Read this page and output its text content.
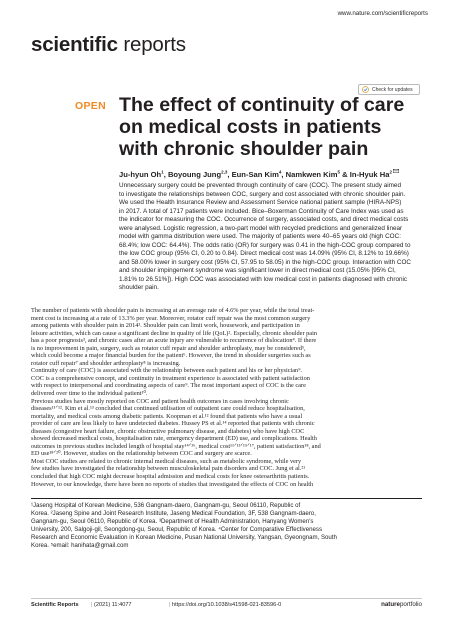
www.nature.com/scientificreports
scientific reports
Check for updates
OPEN The effect of continuity of care
on medical costs in patients
with chronic shoulder pain
Ju-hyun Oh$^1$, Boyoung Jung$^{2,3}$, Eun-San Kim$^4$, Namkwen Kim$^5$ & In-Hyuk Ha$^2$
Unnecessary surgery could be prevented through continuity of care (COC). The present study aimed
to investigate the relationships between COC, surgery and cost associated with chronic shoulder pain.
We used the Health Insurance Review and Assessment Service national patient sample (HIRA-NPS)
in 2017. A total of 1717 patients were included. Bice–Boxerman Continuity of Care Index was used as
the indicator for measuring the COC. Occurrence of surgery, associated costs, and direct medical costs
were analysed. Logistic regression, a two-part model with recycled predictions and generalized linear
model with gamma distribution were used. The majority of patients were 40–65 years old (high COC:
68.4%; low COC: 64.4%). The odds ratio (OR) for surgery was 0.41 in the high-COC group compared to
the low COC group (95% CI, 0.20 to 0.84). Direct medical cost was 14.09% (95% CI, 8.12% to 19.66%)
and 58.00% lower in surgery cost (95% CI, 57.95 to 58.05) in the high-COC group. Interaction with COC
and shoulder impingement syndrome was significant lower in direct medical cost (15.05% [95% CI,
1.81% to 26.51%]). High COC was associated with low medical cost in patients diagnosed with chronic
shoulder pain.
The number of patients with shoulder pain is increasing at an average rate of 4.6% per year, while the total treat-
ment cost is increasing at a rate of 13.3% per year. Moreover, rotator cuff repair was the most common surgery
among patients with shoulder pain in 2014¹. Shoulder pain can limit work, housework, and participation in
leisure activities, which can cause a significant decline in quality of life (QoL)². Especially, chronic shoulder pain
has a poor prognosis³, and chronic cases after an acute injury are vulnerable to recurrence of dislocation⁴. If there
is no improvement in pain, surgery, such as rotator cuff repair and shoulder arthroplasty, may be considered⁵,
which could become a major financial burden for the patient⁶. However, the trend in shoulder surgeries such as
rotator cuff repair⁷ and shoulder arthroplasty⁸ is increasing.
Continuity of care (COC) is associated with the relationship between each patient and his or her physician⁹.
COC is a comprehensive concept, and continuity in treatment experience is associated with patient satisfaction
with respect to interpersonal and coordinating aspects of care⁹. The most important aspect of COC is the care
delivered over time to the individual patient¹⁰.
Previous studies have mostly reported on COC and patient health outcomes in cases involving chronic
diseases¹¹ᐟ¹². Kim et al.¹³ concluded that continued utilisation of outpatient care could reduce hospitalisation,
mortality, and medical costs among diabetic patients. Koopman et al.¹² found that patients who have a usual
provider of care are less likely to have undetected diabetes. Hussey PS et al.¹⁴ reported that patients with chronic
diseases (congestive heart failure, chronic obstructive pulmonary disease, and diabetes) who have high COC
showed decreased medical costs, hospitalisation rate, emergency department (ED) use, and complications. Health
outcomes in previous studies included length of hospital stay¹⁴ᐟ¹⁶, medical cost¹¹ᐟ¹³ᐟ¹⁵ᐟ¹⁷, patient satisfaction¹⁸, and
ED use¹⁸ᐟ²⁰. However, studies on the relationship between COC and surgery are scarce.
Most COC studies are related to chronic internal medical diseases, such as metabolic syndrome, while very
few studies have investigated the relationship between musculoskeletal pain disorders and COC. Jung et al.²¹
concluded that high COC might decrease hospital admission and medical costs for knee osteoarthritis patients.
However, to our knowledge, there have been no reports of studies that investigated the effects of COC on health
¹Jaseng Hospital of Korean Medicine, 536 Gangnam-daero, Gangnam-gu, Seoul 06110, Republic of
Korea. ²Jaseng Spine and Joint Research Institute, Jaseng Medical Foundation, 3F, 538 Gangnam-daero,
Gangnam-gu, Seoul 06110, Republic of Korea. ³Department of Health Administration, Hanyang Women's
University, 200, Salgoji-gil, Seongdong-gu, Seoul, Republic of Korea. ⁴Center for Comparative Effectiveness
Research and Economic Evaluation in Korean Medicine, Pusan National University, Yangsan, Gyeongnam, South
Korea. ⁵email: hanihata@gmail.com
Scientific Reports | (2021) 11:4077	| https://doi.org/10.1038/s41598-021-83596-0	natureportfolio
